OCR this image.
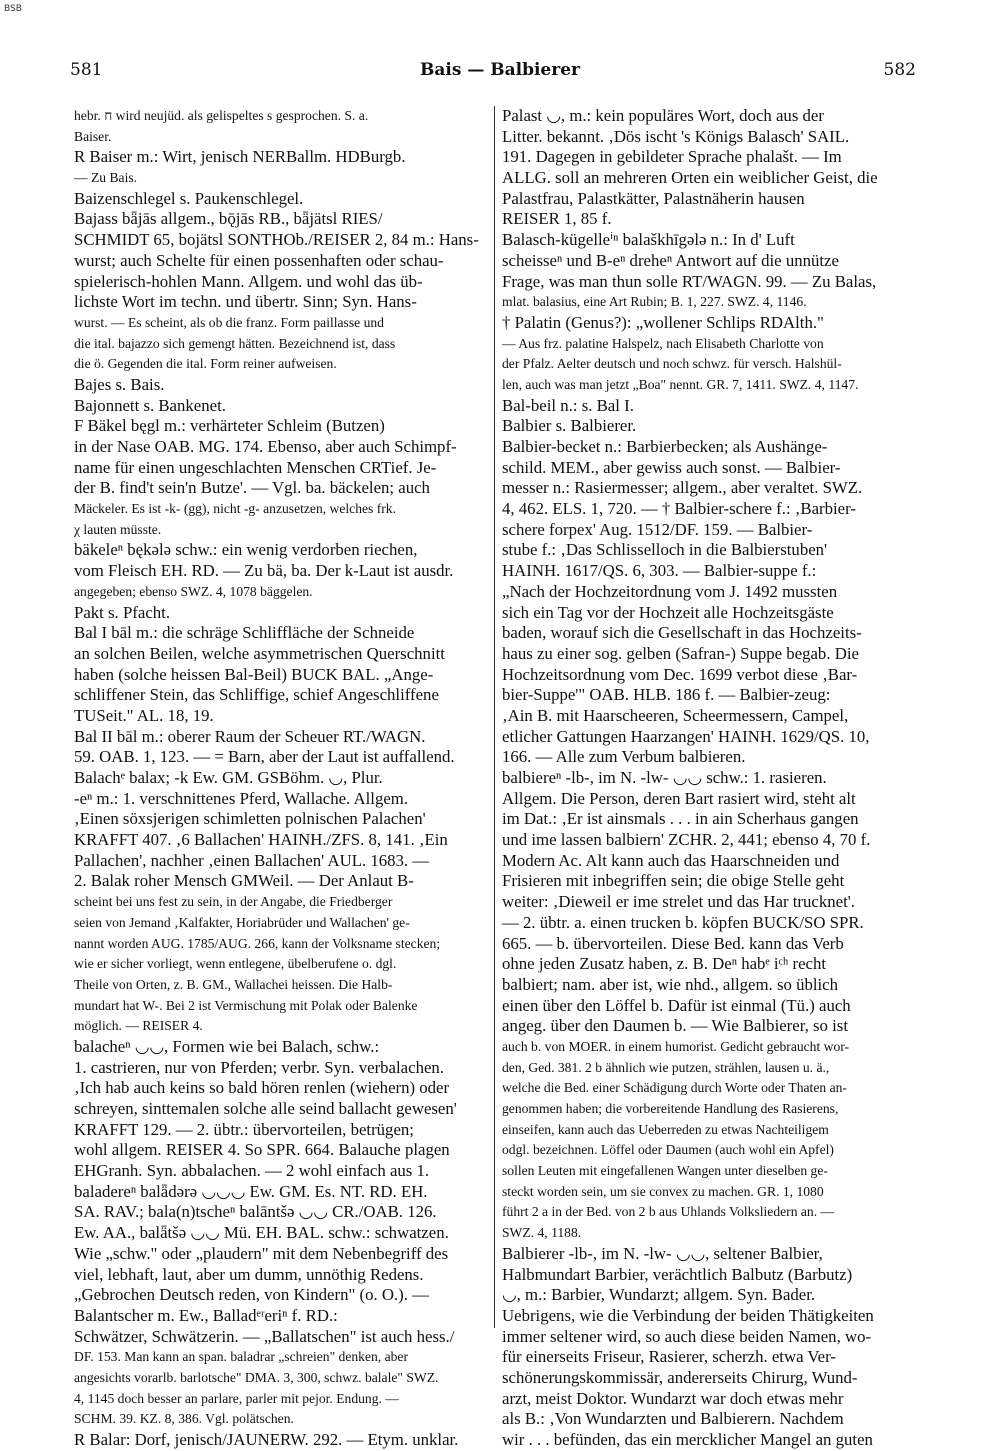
BSB
581	Bais — Balbierer	582
hebr. ח wird neujüd. als gelispeltes s gesprochen. S. a.
Baiser.
R Baiser m.: Wirt, jenisch NERBallm. HDBurgb.
— Zu Bais.
Baizenschlegel s. Paukenschlegel.
Bajass bǟjās allgem., bǭjās RB., bǟjätsl RIES/
SCHMIDT 65, bojätsl SONTHOb./REISER 2, 84 m.: Hans-
wurst; auch Schelte für einen possenhaften oder schau-
spielerisch-hohlen Mann. Allgem. und wohl das üb-
lichste Wort im techn. und übertr. Sinn; Syn. Hans-
wurst. — Es scheint, als ob die franz. Form paillasse und
die ital. bajazzo sich gemengt hätten. Bezeichnend ist, dass
die ö. Gegenden die ital. Form reiner aufweisen.
Bajes s. Bais.
Bajonnett s. Bankenet.
F Bäkel bęgl m.: verhärteter Schleim (Butzen)
in der Nase OAB. MG. 174. Ebenso, aber auch Schimpf-
name für einen ungeschlachten Menschen CRTief. Je-
der B. find't sein'n Butze'. — Vgl. ba. bäckelen; auch
Mäckeler. Es ist -k- (gg), nicht -g- anzusetzen, welches frk.
χ lauten müsste.
bäkeleⁿ bękələ schw.: ein wenig verdorben riechen,
vom Fleisch EH. RD. — Zu bä, ba. Der k-Laut ist ausdr.
angegeben; ebenso SWZ. 4, 1078 bäggelen.
Pakt s. Pfacht.
Bal I bāl m.: die schräge Schliffläche der Schneide
an solchen Beilen, welche asymmetrischen Querschnitt
haben (solche heissen Bal-Beil) BUCK BAL. „Ange-
schliffener Stein, das Schliffige, schief Angeschliffene
TUSeit." AL. 18, 19.
Bal II bāl m.: oberer Raum der Scheuer RT./WAGN.
59. OAB. 1, 123. — = Barn, aber der Laut ist auffallend.
Balachᵉ balax; -k Ew. GM. GSBöhm. ◡, Plur.
-eⁿ m.: 1. verschnittenes Pferd, Wallache. Allgem.
‚Einen söxsjerigen schimletten polnischen Palachen'
KRAFFT 407. ‚6 Ballachen' HAINH./ZFS. 8, 141. ‚Ein
Pallachen', nachher ‚einen Ballachen' AUL. 1683. —
2. Balak roher Mensch GMWeil. — Der Anlaut B-
scheint bei uns fest zu sein, in der Angabe, die Friedberger
seien von Jemand ‚Kalfakter, Horiabrüder und Wallachen' ge-
nannt worden AUG. 1785/AUG. 266, kann der Volksname stecken;
wie er sicher vorliegt, wenn entlegene, übelberufene o. dgl.
Theile von Orten, z. B. GM., Wallachei heissen. Die Halb-
mundart hat W-. Bei 2 ist Vermischung mit Polak oder Balenke
möglich. — REISER 4.
balacheⁿ ◡◡, Formen wie bei Balach, schw.:
1. castrieren, nur von Pferden; verbr. Syn. verbalachen.
‚Ich hab auch keins so bald hören renlen (wiehern) oder
schreyen, sinttemalen solche alle seind ballacht gewesen'
KRAFFT 129. — 2. übtr.: übervorteilen, betrügen;
wohl allgem. REISER 4. So SPR. 664. Balauche plagen
EHGranh. Syn. abbalachen. — 2 wohl einfach aus 1.
baladereⁿ balǟdərə ◡◡◡ Ew. GM. Es. NT. RD. EH.
SA. RAV.; bala(n)tscheⁿ balāntšə ◡◡ CR./OAB. 126.
Ew. AA., balǟtšə ◡◡ Mü. EH. BAL. schw.: schwatzen.
Wie „schw." oder „plaudern" mit dem Nebenbegriff des
viel, lebhaft, laut, aber um dumm, unnöthig Redens.
„Gebrochen Deutsch reden, von Kindern" (o. O.). —
Balantscher m. Ew., Balladᵉʳeriⁿ f. RD.:
Schwätzer, Schwätzerin. — „Ballatschen" ist auch hess./
DF. 153. Man kann an span. baladrar „schreien" denken, aber
angesichts vorarlb. barlotsche" DMA. 3, 300, schwz. balale" SWZ.
4, 1145 doch besser an parlare, parler mit pejor. Endung. —
SCHM. 39. KZ. 8, 386. Vgl. polätschen.
R Balar: Dorf, jenisch/JAUNERW. 292. — Etym. unklar.
Palast ◡, m.: kein populäres Wort, doch aus der
Litter. bekannt. ‚Dös ischt 's Königs Balasch' SAIL.
191. Dagegen in gebildeter Sprache phalašt. — Im
ALLG. soll an mehreren Orten ein weiblicher Geist, die
Palastfrau, Palastkätter, Palastnäherin hausen
REISER 1, 85 f.
Balasch-kügelleⁱⁿ balaškhīgələ n.: In d' Luft
scheisseⁿ und B-eⁿ dreheⁿ Antwort auf die unnütze
Frage, was man thun solle RT/WAGN. 99. — Zu Balas,
mlat. balasius, eine Art Rubin; B. 1, 227. SWZ. 4, 1146.
† Palatin (Genus?): „wollener Schlips RDAlth."
— Aus frz. palatine Halspelz, nach Elisabeth Charlotte von
der Pfalz. Aelter deutsch und noch schwz. für versch. Halshül-
len, auch was man jetzt „Boa" nennt. GR. 7, 1411. SWZ. 4, 1147.
Bal-beil n.: s. Bal I.
Balbier s. Balbierer.
Balbier-becket n.: Barbierbecken; als Aushänge-
schild. MEM., aber gewiss auch sonst. — Balbier-
messer n.: Rasiermesser; allgem., aber veraltet. SWZ.
4, 462. ELS. 1, 720. — † Balbier-schere f.: ‚Barbier-
schere forpex' Aug. 1512/DF. 159. — Balbier-
stube f.: ‚Das Schlisselloch in die Balbierstuben'
HAINH. 1617/QS. 6, 303. — Balbier-suppe f.:
„Nach der Hochzeitordnung vom J. 1492 mussten
sich ein Tag vor der Hochzeit alle Hochzeitsgäste
baden, worauf sich die Gesellschaft in das Hochzeits-
haus zu einer sog. gelben (Safran-) Suppe begab. Die
Hochzeitsordnung vom Dec. 1699 verbot diese ‚Bar-
bier-Suppe'" OAB. HLB. 186 f. — Balbier-zeug:
‚Ain B. mit Haarscheeren, Scheermessern, Campel,
etlicher Gattungen Haarzangen' HAINH. 1629/QS. 10,
166. — Alle zum Verbum balbieren.
balbiereⁿ -lb-, im N. -lw- ◡◡ schw.: 1. rasieren.
Allgem. Die Person, deren Bart rasiert wird, steht alt
im Dat.: ‚Er ist ainsmals . . . in ain Scherhaus gangen
und ime lassen balbiern' ZCHR. 2, 441; ebenso 4, 70 f.
Modern Ac. Alt kann auch das Haarschneiden und
Frisieren mit inbegriffen sein; die obige Stelle geht
weiter: ‚Dieweil er ime strelet und das Har trucknet'.
— 2. übtr. a. einen trucken b. köpfen BUCK/SO SPR.
665. — b. übervorteilen. Diese Bed. kann das Verb
ohne jeden Zusatz haben, z. B. Deⁿ habᵉ iᶜʰ recht
balbiert; nam. aber ist, wie nhd., allgem. so üblich
einen über den Löffel b. Dafür ist einmal (Tü.) auch
angeg. über den Daumen b. — Wie Balbierer, so ist
auch b. von MOER. in einem humorist. Gedicht gebraucht wor-
den, Ged. 381. 2 b ähnlich wie putzen, strählen, lausen u. ä.,
welche die Bed. einer Schädigung durch Worte oder Thaten an-
genommen haben; die vorbereitende Handlung des Rasierens,
einseifen, kann auch das Ueberreden zu etwas Nachteiligem
odgl. bezeichnen. Löffel oder Daumen (auch wohl ein Apfel)
sollen Leuten mit eingefallenen Wangen unter dieselben ge-
steckt worden sein, um sie convex zu machen. GR. 1, 1080
führt 2 a in der Bed. von 2 b aus Uhlands Volksliedern an. —
SWZ. 4, 1188.
Balbierer -lb-, im N. -lw- ◡◡, seltener Balbier,
Halbmundart Barbier, verächtlich Balbutz (Barbutz)
◡, m.: Barbier, Wundarzt; allgem. Syn. Bader.
Uebrigens, wie die Verbindung der beiden Thätigkeiten
immer seltener wird, so auch diese beiden Namen, wo-
für einerseits Friseur, Rasierer, scherzh. etwa Ver-
schönerungskommissär, andererseits Chirurg, Wund-
arzt, meist Doktor. Wundarzt war doch etwas mehr
als B.: ‚Von Wundarzten und Balbierern. Nachdem
wir . . . befünden, das ein mercklicher Mangel an guten
